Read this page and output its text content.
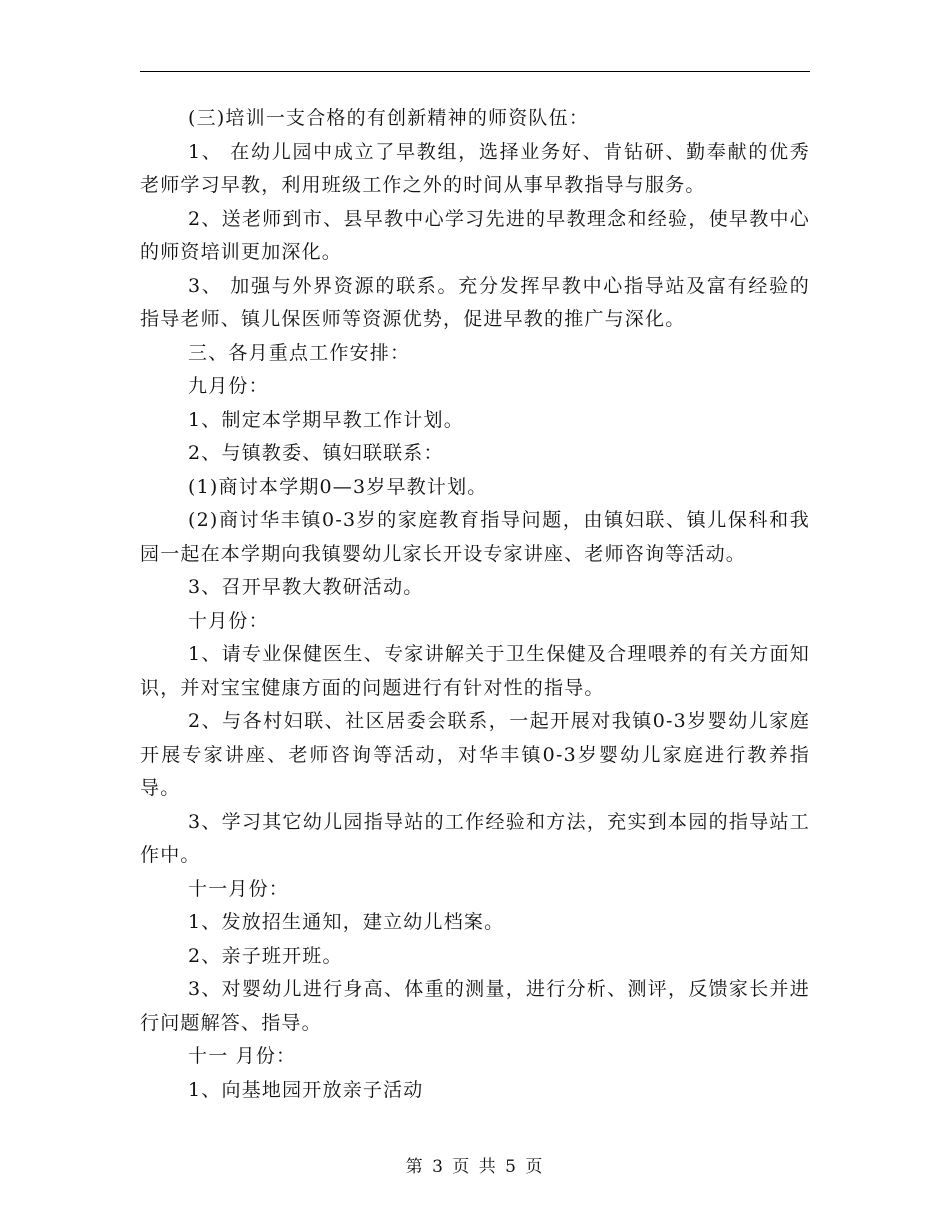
(三)培训一支合格的有创新精神的师资队伍：

1、 在幼儿园中成立了早教组，选择业务好、肯钻研、勤奉献的优秀老师学习早教，利用班级工作之外的时间从事早教指导与服务。

2、送老师到市、县早教中心学习先进的早教理念和经验，使早教中心的师资培训更加深化。

3、 加强与外界资源的联系。充分发挥早教中心指导站及富有经验的指导老师、镇儿保医师等资源优势，促进早教的推广与深化。

三、各月重点工作安排：

九月份：

1、制定本学期早教工作计划。

2、与镇教委、镇妇联联系：

(1)商讨本学期0—3岁早教计划。

(2)商讨华丰镇0-3岁的家庭教育指导问题，由镇妇联、镇儿保科和我园一起在本学期向我镇婴幼儿家长开设专家讲座、老师咨询等活动。

3、召开早教大教研活动。

十月份：

1、请专业保健医生、专家讲解关于卫生保健及合理喂养的有关方面知识，并对宝宝健康方面的问题进行有针对性的指导。

2、与各村妇联、社区居委会联系，一起开展对我镇0-3岁婴幼儿家庭开展专家讲座、老师咨询等活动，对华丰镇0-3岁婴幼儿家庭进行教养指导。

3、学习其它幼儿园指导站的工作经验和方法，充实到本园的指导站工作中。

十一月份：

1、发放招生通知，建立幼儿档案。

2、亲子班开班。

3、对婴幼儿进行身高、体重的测量，进行分析、测评，反馈家长并进行问题解答、指导。

十一 月份：

1、向基地园开放亲子活动

第 3 页 共 5 页
